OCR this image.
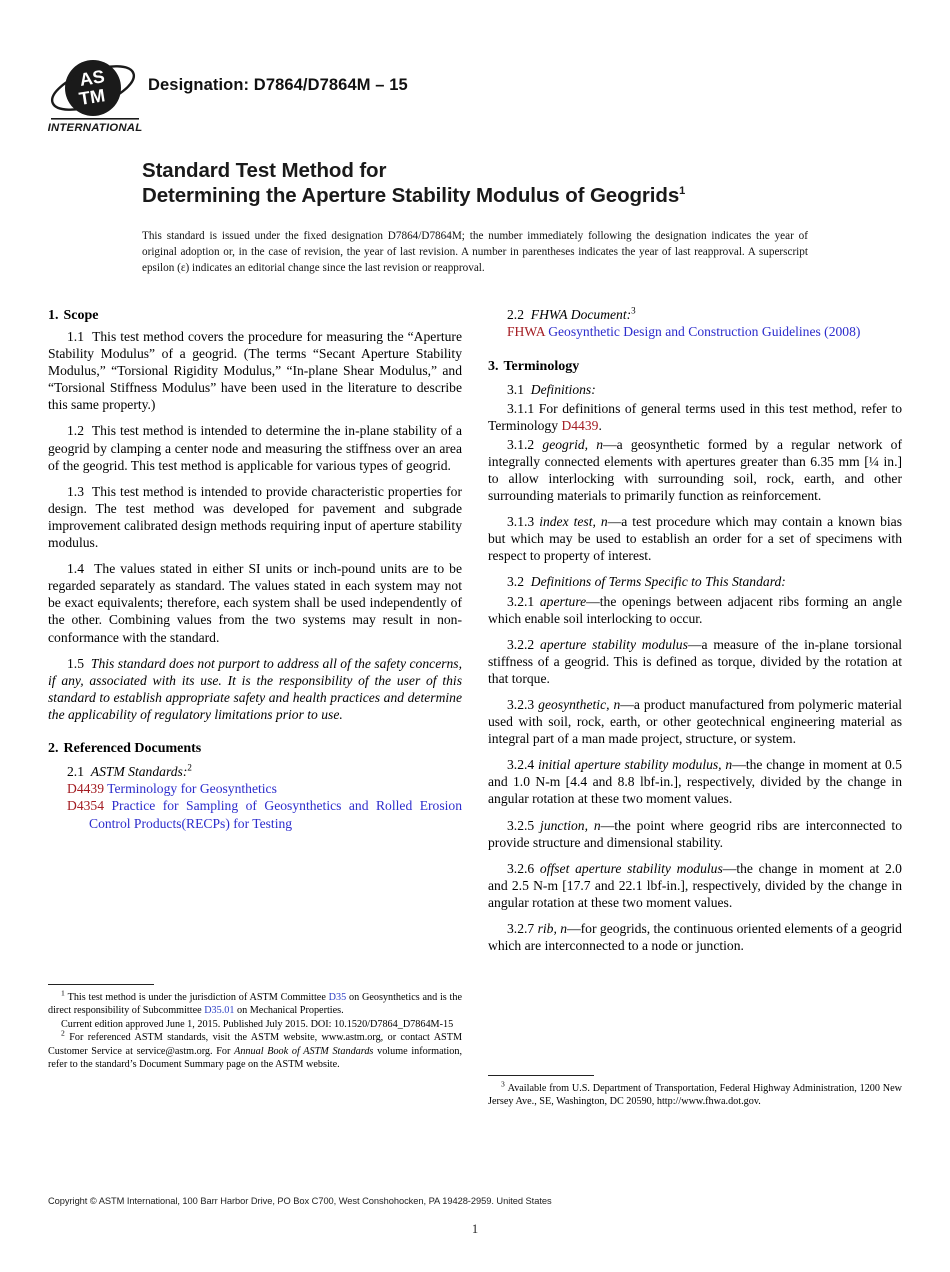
AS
TM
INTERNATIONAL
Designation: D7864/D7864M – 15
Standard Test Method for
Determining the Aperture Stability Modulus of Geogrids$^1$
This standard is issued under the fixed designation D7864/D7864M; the number immediately following the designation indicates the year of original adoption or, in the case of revision, the year of last revision. A number in parentheses indicates the year of last reapproval. A superscript epsilon (ε) indicates an editorial change since the last revision or reapproval.
1. Scope

1.1 This test method covers the procedure for measuring the “Aperture Stability Modulus” of a geogrid. (The terms “Secant Aperture Stability Modulus,” “Torsional Rigidity Modulus,” “In-plane Shear Modulus,” and “Torsional Stiffness Modulus” have been used in the literature to describe this same property.)

1.2 This test method is intended to determine the in-plane stability of a geogrid by clamping a center node and measuring the stiffness over an area of the geogrid. This test method is applicable for various types of geogrid.

1.3 This test method is intended to provide characteristic properties for design. The test method was developed for pavement and subgrade improvement calibrated design methods requiring input of aperture stability modulus.

1.4 The values stated in either SI units or inch-pound units are to be regarded separately as standard. The values stated in each system may not be exact equivalents; therefore, each system shall be used independently of the other. Combining values from the two systems may result in non-conformance with the standard.

1.5 This standard does not purport to address all of the safety concerns, if any, associated with its use. It is the responsibility of the user of this standard to establish appropriate safety and health practices and determine the applicability of regulatory limitations prior to use.

2. Referenced Documents

2.1 ASTM Standards:$^2$

D4439 Terminology for Geosynthetics

D4354 Practice for Sampling of Geosynthetics and Rolled Erosion Control Products(RECPs) for Testing

2.2 FHWA Document:$^3$

FHWA Geosynthetic Design and Construction Guidelines (2008)

3. Terminology

3.1 Definitions:

3.1.1 For definitions of general terms used in this test method, refer to Terminology D4439.

3.1.2 geogrid, n—a geosynthetic formed by a regular network of integrally connected elements with apertures greater than 6.35 mm [¼ in.] to allow interlocking with surrounding soil, rock, earth, and other surrounding materials to primarily function as reinforcement.

3.1.3 index test, n—a test procedure which may contain a known bias but which may be used to establish an order for a set of specimens with respect to property of interest.

3.2 Definitions of Terms Specific to This Standard:

3.2.1 aperture—the openings between adjacent ribs forming an angle which enable soil interlocking to occur.

3.2.2 aperture stability modulus—a measure of the in-plane torsional stiffness of a geogrid. This is defined as torque, divided by the rotation at that torque.

3.2.3 geosynthetic, n—a product manufactured from polymeric material used with soil, rock, earth, or other geotechnical engineering material as integral part of a man made project, structure, or system.

3.2.4 initial aperture stability modulus, n—the change in moment at 0.5 and 1.0 N-m [4.4 and 8.8 lbf-in.], respectively, divided by the change in angular rotation at these two moment values.

3.2.5 junction, n—the point where geogrid ribs are interconnected to provide structure and dimensional stability.

3.2.6 offset aperture stability modulus—the change in moment at 2.0 and 2.5 N-m [17.7 and 22.1 lbf-in.], respectively, divided by the change in angular rotation at these two moment values.

3.2.7 rib, n—for geogrids, the continuous oriented elements of a geogrid which are interconnected to a node or junction.

$^1$ This test method is under the jurisdiction of ASTM Committee D35 on Geosynthetics and is the direct responsibility of Subcommittee D35.01 on Mechanical Properties.

Current edition approved June 1, 2015. Published July 2015. DOI: 10.1520/D7864_D7864M-15

$^2$ For referenced ASTM standards, visit the ASTM website, www.astm.org, or contact ASTM Customer Service at service@astm.org. For Annual Book of ASTM Standards volume information, refer to the standard’s Document Summary page on the ASTM website.

$^3$ Available from U.S. Department of Transportation, Federal Highway Administration, 1200 New Jersey Ave., SE, Washington, DC 20590, http://www.fhwa.dot.gov.

Copyright © ASTM International, 100 Barr Harbor Drive, PO Box C700, West Conshohocken, PA 19428-2959. United States
1
